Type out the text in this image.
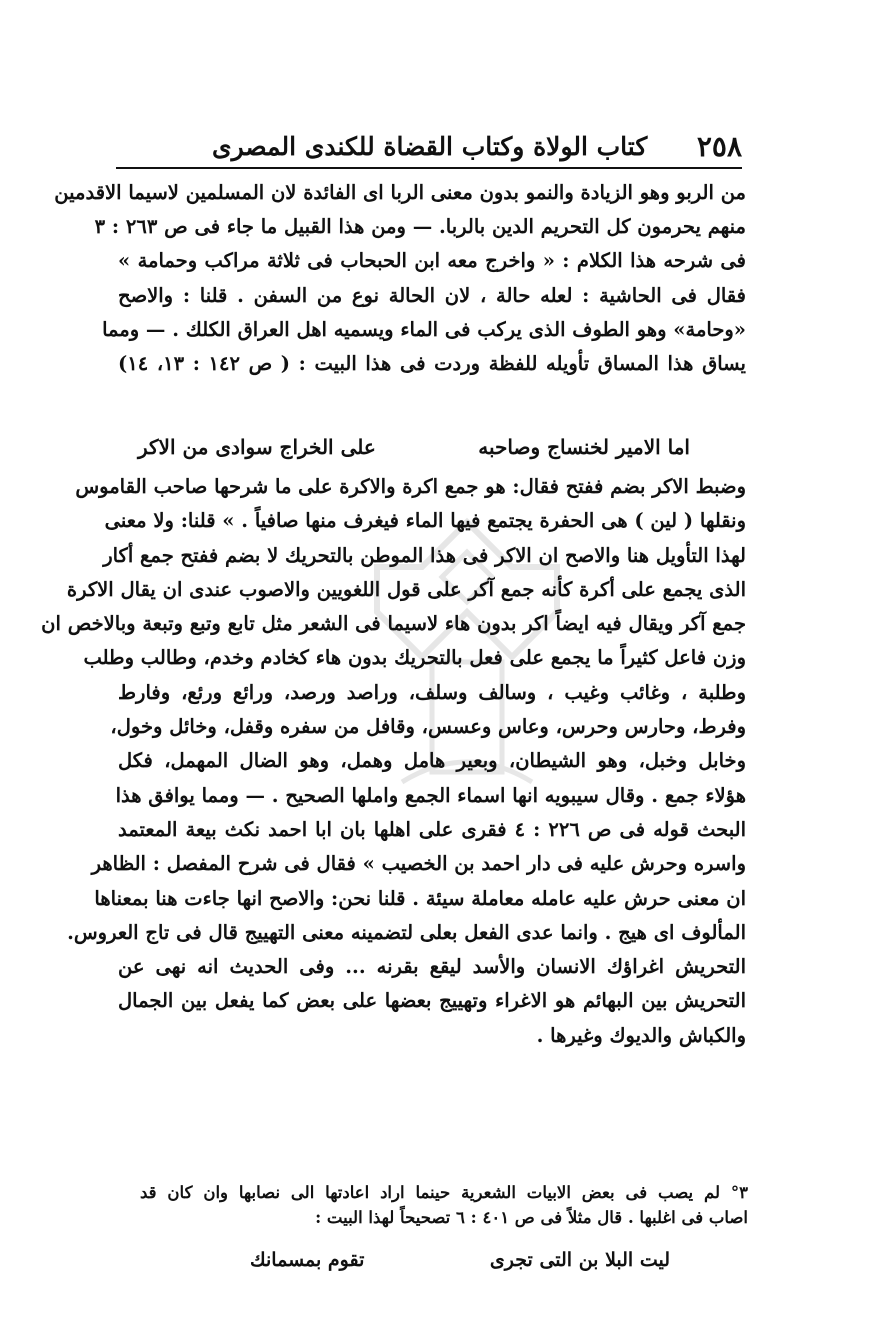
٢٥٨
كتاب الولاة وكتاب القضاة للكندى المصرى
من الربو وهو الزيادة والنمو بدون معنى الربا اى الفائدة لان المسلمين لاسيما الاقدمين
منهم يحرمون كل التحريم الدين بالربا. — ومن هذا القبيل ما جاء فى ص ٢٦٣ : ٣
فى شرحه هذا الكلام : « واخرج معه ابن الحبحاب فى ثلاثة مراكب وحمامة »
فقال فى الحاشية : لعله حالة ، لان الحالة نوع من السفن . قلنا : والاصح
«وحامة» وهو الطوف الذى يركب فى الماء ويسميه اهل العراق الكلك . — ومما
يساق هذا المساق تأويله للفظة وردت فى هذا البيت : ( ص ١٤٢ : ١٣، ١٤)
اما الامير لخنساج وصاحبه
على الخراج سوادى من الاكر
وضبط الاكر بضم ففتح فقال: هو جمع اكرة والاكرة على ما شرحها صاحب القاموس
ونقلها ( لين ) هى الحفرة يجتمع فيها الماء فيغرف منها صافياً . » قلنا: ولا معنى
لهذا التأويل هنا والاصح ان الاكر فى هذا الموطن بالتحريك لا بضم ففتح جمع أكار
الذى يجمع على أكرة كأنه جمع آكر على قول اللغويين والاصوب عندى ان يقال الاكرة
جمع آكر ويقال فيه ايضاً اكر بدون هاء لاسيما فى الشعر مثل تابع وتبع وتبعة وبالاخص ان
وزن فاعل كثيراً ما يجمع على فعل بالتحريك بدون هاء كخادم وخدم، وطالب وطلب
وطلبة ، وغائب وغيب ، وسالف وسلف، وراصد ورصد، ورائع ورئع، وفارط
وفرط، وحارس وحرس، وعاس وعسس، وقافل من سفره وقفل، وخائل وخول،
وخابل وخبل، وهو الشيطان، وبعير هامل وهمل، وهو الضال المهمل، فكل
هؤلاء جمع . وقال سيبويه انها اسماء الجمع واملها الصحيح . — ومما يوافق هذا
البحث قوله فى ص ٢٢٦ : ٤ فقرى على اهلها بان ابا احمد نكث بيعة المعتمد
واسره وحرش عليه فى دار احمد بن الخصيب » فقال فى شرح المفصل : الظاهر
ان معنى حرش عليه عامله معاملة سيئة . قلنا نحن: والاصح انها جاءت هنا بمعناها
المألوف اى هيج . وانما عدى الفعل بعلى لتضمينه معنى التهييج قال فى تاج العروس.
التحريش اغراؤك الانسان والأسد ليقع بقرنه ... وفى الحديث انه نهى عن
التحريش بين البهائم هو الاغراء وتهييج بعضها على بعض كما يفعل بين الجمال
والكباش والديوك وغيرها .
٣° لم يصب فى بعض الابيات الشعرية حينما اراد اعادتها الى نصابها وان كان قد
اصاب فى اغلبها . قال مثلاً فى ص ٤٠١ : ٦ تصحيحاً لهذا البيت :
ليت البلا بن التى تجرى
تقوم بمسمانك
